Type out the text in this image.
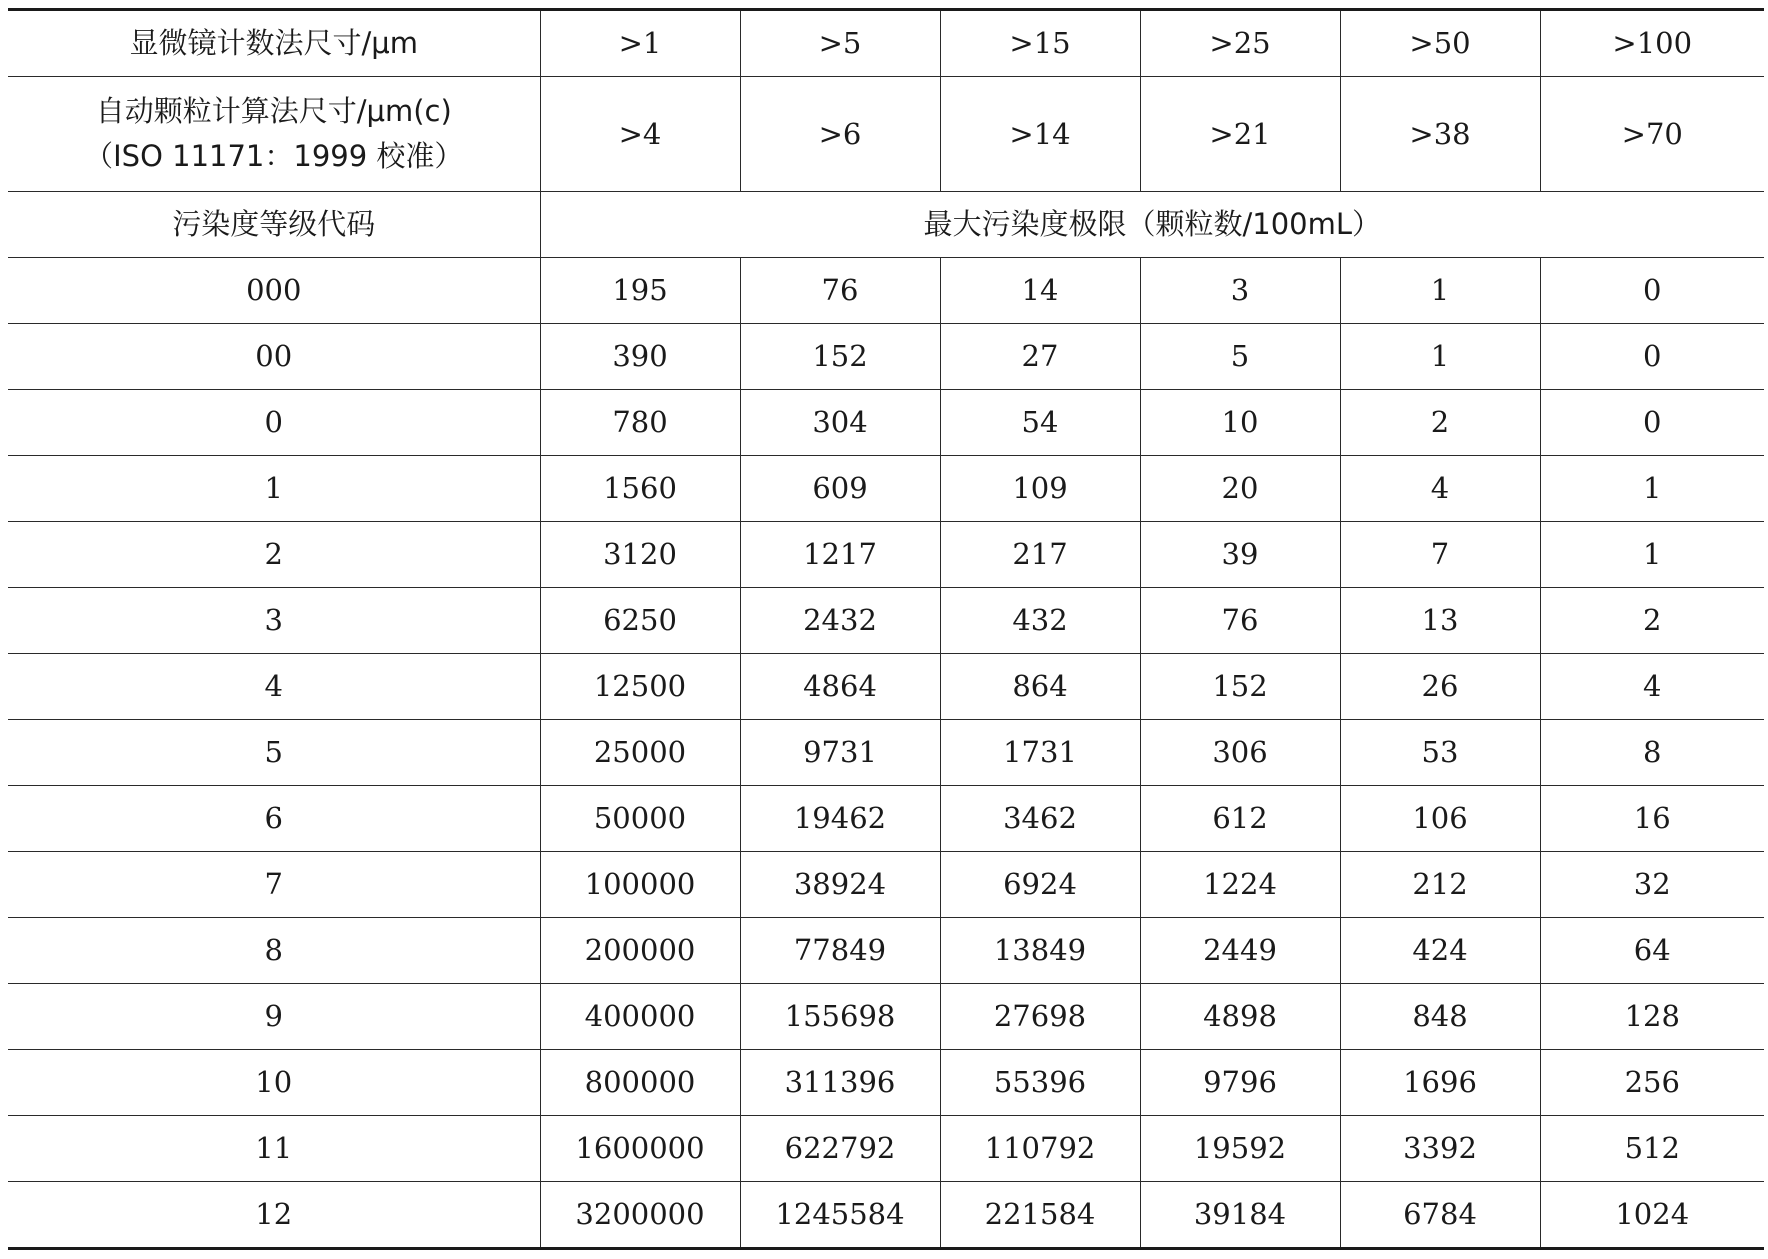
显微镜计数法尺寸/μm	>1	>5	>15	>25	>50	>100

自动颗粒计算法尺寸/μm(c)
（ISO 11171：1999 校准）	>4	>6	>14	>21	>38	>70
污染度等级代码	最大污染度极限（颗粒数/100mL）					
000	195	76	14	3	1	0
00	390	152	27	5	1	0
0	780	304	54	10	2	0
1	1560	609	109	20	4	1
2	3120	1217	217	39	7	1
3	6250	2432	432	76	13	2
4	12500	4864	864	152	26	4
5	25000	9731	1731	306	53	8
6	50000	19462	3462	612	106	16
7	100000	38924	6924	1224	212	32
8	200000	77849	13849	2449	424	64
9	400000	155698	27698	4898	848	128
10	800000	311396	55396	9796	1696	256
11	1600000	622792	110792	19592	3392	512
12	3200000	1245584	221584	39184	6784	1024
